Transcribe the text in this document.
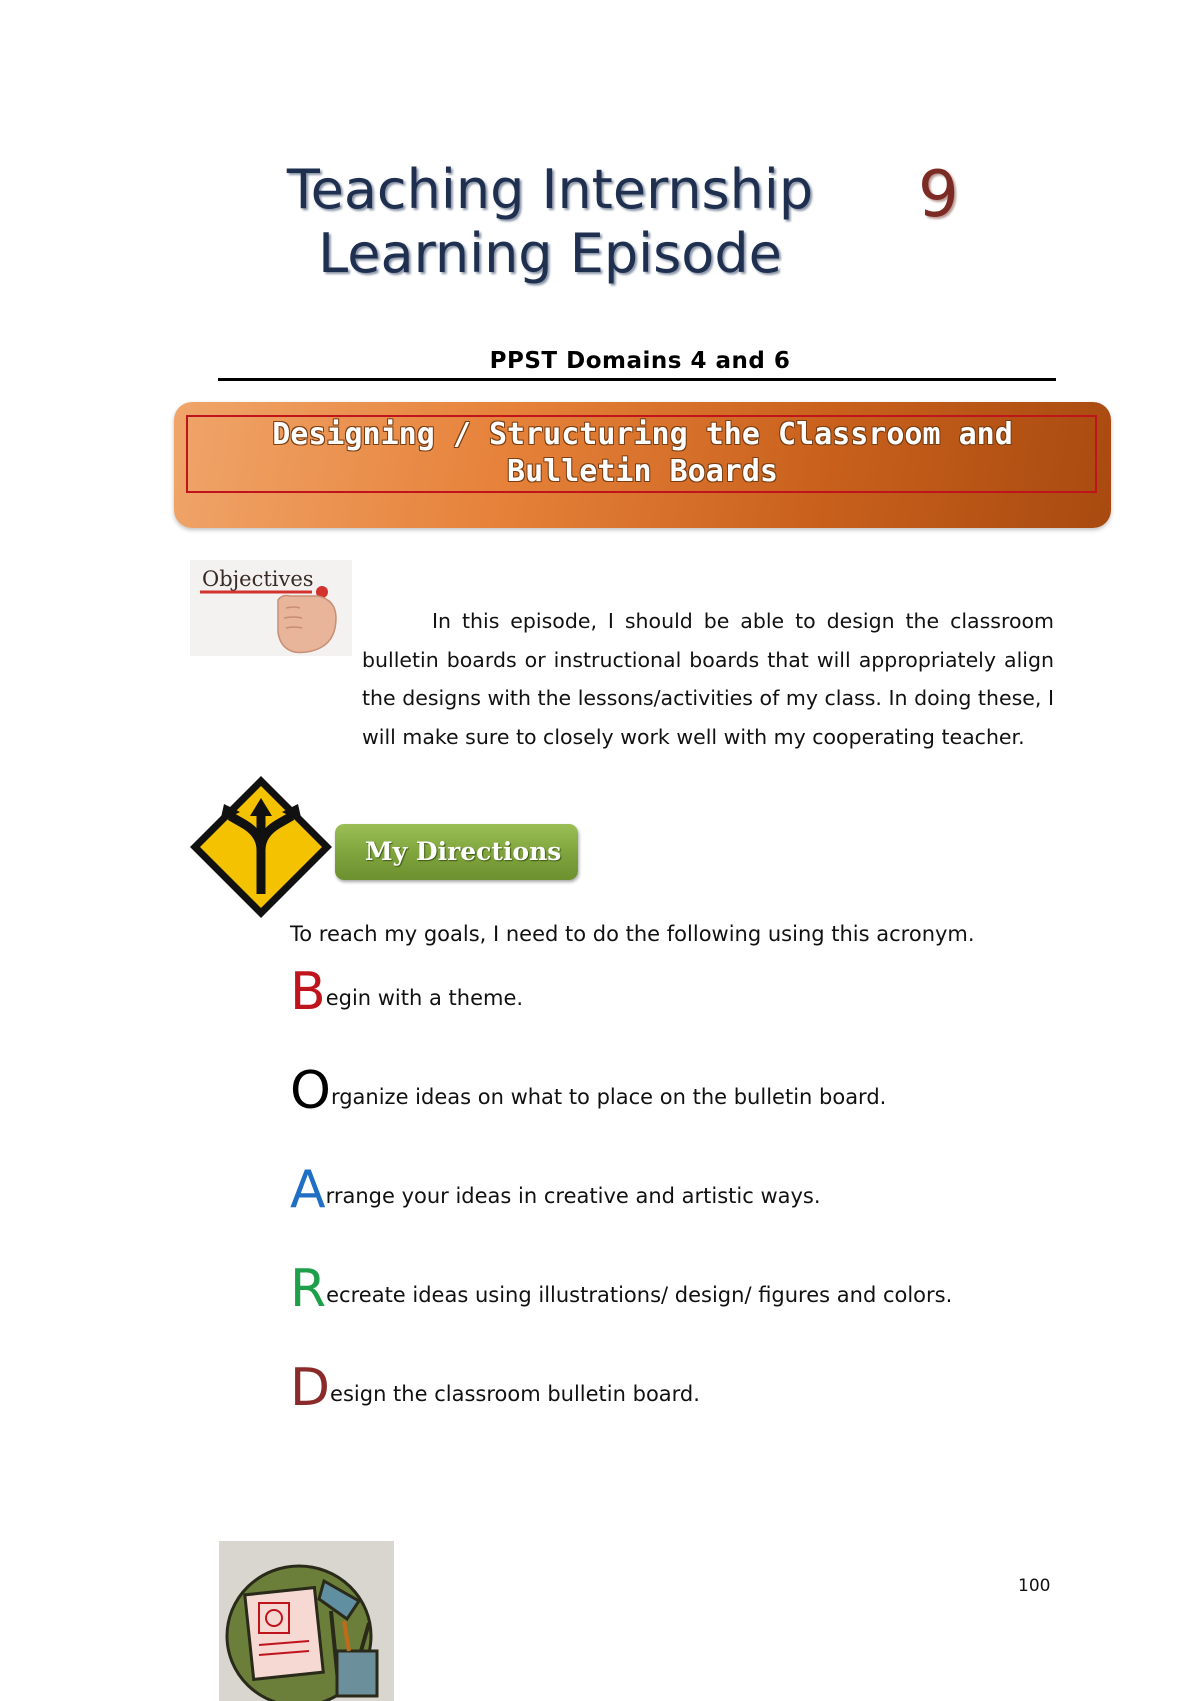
Teaching Internship
Learning Episode
9
PPST Domains 4 and 6
Designing / Structuring the Classroom and
Bulletin Boards
Objectives
In this episode, I should be able to design the classroom bulletin boards or instructional boards that will appropriately align the designs with the lessons/activities of my class. In doing these, I will make sure to closely work well with my cooperating teacher.
My Directions
To reach my goals, I need to do the following using this acronym.
Begin with a theme.
Organize ideas on what to place on the bulletin board.
Arrange your ideas in creative and artistic ways.
Recreate ideas using illustrations/ design/ figures and colors.
Design the classroom bulletin board.
100
